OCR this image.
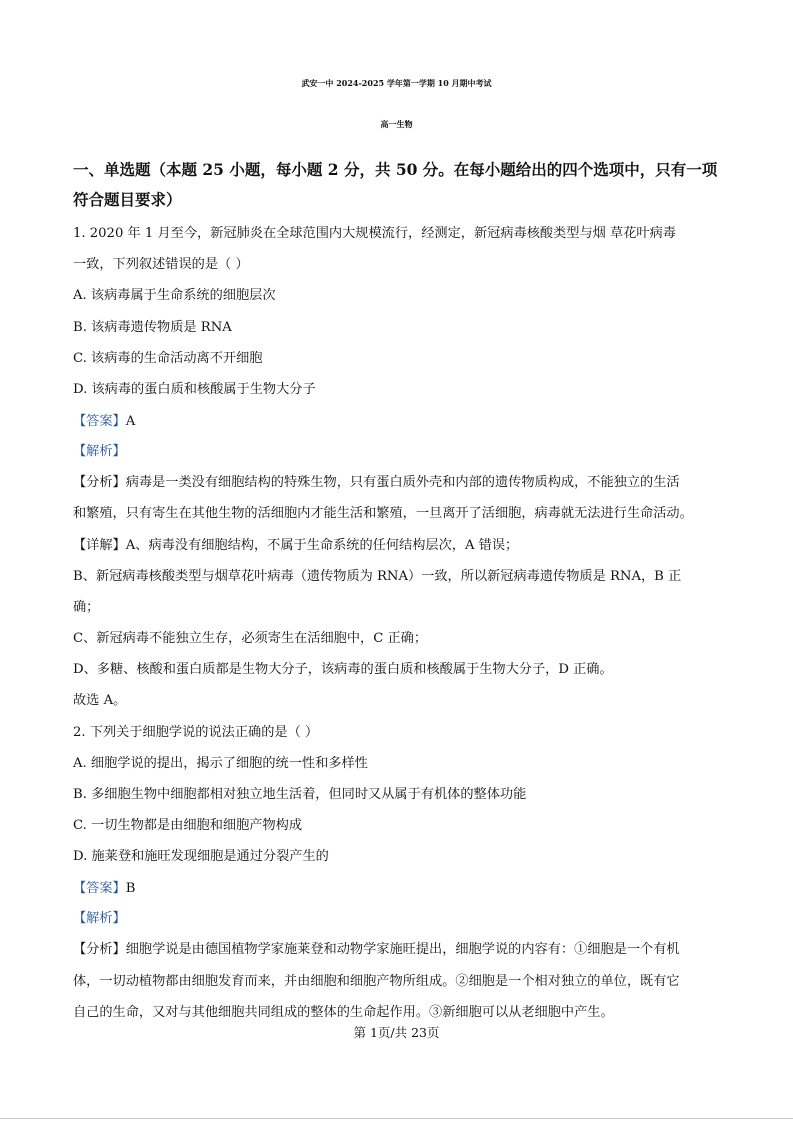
武安一中 2024-2025 学年第一学期 10 月期中考试
高一生物
一、单选题（本题 25 小题，每小题 2 分，共 50 分。在每小题给出的四个选项中，只有一项
符合题目要求）
1. 2020 年 1 月至今，新冠肺炎在全球范围内大规模流行，经测定，新冠病毒核酸类型与烟 草花叶病毒
一致，下列叙述错误的是（ ）
A. 该病毒属于生命系统的细胞层次
B. 该病毒遗传物质是 RNA
C. 该病毒的生命活动离不开细胞
D. 该病毒的蛋白质和核酸属于生物大分子
【答案】A
【解析】
【分析】病毒是一类没有细胞结构的特殊生物，只有蛋白质外壳和内部的遗传物质构成，不能独立的生活
和繁殖，只有寄生在其他生物的活细胞内才能生活和繁殖，一旦离开了活细胞，病毒就无法进行生命活动。
【详解】A、病毒没有细胞结构，不属于生命系统的任何结构层次，A 错误；
B、新冠病毒核酸类型与烟草花叶病毒（遗传物质为 RNA）一致，所以新冠病毒遗传物质是 RNA，B 正
确；
C、新冠病毒不能独立生存，必须寄生在活细胞中，C 正确；
D、多糖、核酸和蛋白质都是生物大分子，该病毒的蛋白质和核酸属于生物大分子，D 正确。
故选 A。
2. 下列关于细胞学说的说法正确的是（ ）
A. 细胞学说的提出，揭示了细胞的统一性和多样性
B. 多细胞生物中细胞都相对独立地生活着，但同时又从属于有机体的整体功能
C. 一切生物都是由细胞和细胞产物构成
D. 施莱登和施旺发现细胞是通过分裂产生的
【答案】B
【解析】
【分析】细胞学说是由德国植物学家施莱登和动物学家施旺提出，细胞学说的内容有：①细胞是一个有机
体，一切动植物都由细胞发育而来，并由细胞和细胞产物所组成。②细胞是一个相对独立的单位，既有它
自己的生命，又对与其他细胞共同组成的整体的生命起作用。③新细胞可以从老细胞中产生。
第 1页/共 23页
